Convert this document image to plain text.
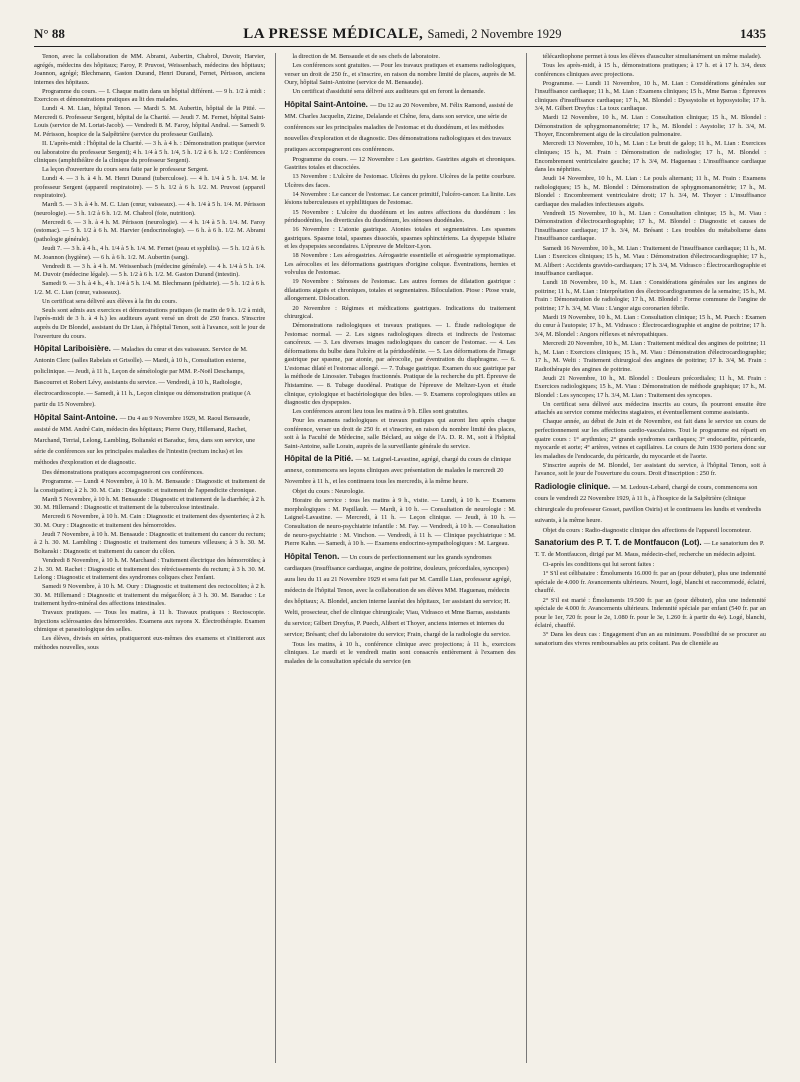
N° 88	LA PRESSE MÉDICALE, Samedi, 2 Novembre 1929	1435

Tenon, avec la collaboration de MM. Abrami, Aubertin, Chabrol, Duvoir, Harvier, agrégés, médecins des hôpitaux; Faroy, P. Pruvost, Weissenbach, médecins des hôpitaux; Joannon, agrégé; Blechmann, Gaston Durand, Henri Durand, Fernet, Périsson, anciens internes des hôpitaux.

Programme du cours. — I. Chaque matin dans un hôpital différent. — 9 h. 1/2 à midi : Exercices et démonstrations pratiques au lit des malades.

Lundi 4. M. Lian, hôpital Tenon. — Mardi 5. M. Aubertin, hôpital de la Pitié. — Mercredi 6. Professeur Sergent, hôpital de la Charité. — Jeudi 7. M. Fernet, hôpital Saint-Louis (service de M. Lortat-Jacob). — Vendredi 8. M. Faroy, hôpital Andral. — Samedi 9. M. Périsson, hospice de la Salpêtrière (service du professeur Guillain).

II. L'après-midi : l'hôpital de la Charité. — 3 h. à 4 h. : Démonstration pratique (service ou laboratoire du professeur Sergent); 4 h. 1/4 à 5 h. 1/4, 5 h. 1/2 à 6 h. 1/2 : Conférences cliniques (amphithéâtre de la clinique du professeur Sergent).

La leçon d'ouverture du cours sera faite par le professeur Sergent.

Lundi 4. — 3 h. à 4 h. M. Henri Durand (tuberculose). — 4 h. 1/4 à 5 h. 1/4. M. le professeur Sergent (appareil respiratoire). — 5 h. 1/2 à 6 h. 1/2. M. Pruvost (appareil respiratoire).

Mardi 5. — 3 h. à 4 h. M. C. Lian (cœur, vaisseaux). — 4 h. 1/4 à 5 h. 1/4. M. Périsson (neurologie). — 5 h. 1/2 à 6 h. 1/2. M. Chabrol (foie, nutrition).

Mercredi 6. — 3 h. à 4 h. M. Périsson (neurologie). — 4 h. 1/4 à 5 h. 1/4. M. Faroy (estomac). — 5 h. 1/2 à 6 h. M. Harvier (endocrinologie). — 6 h. à 6 h. 1/2. M. Abrami (pathologie générale).

Jeudi 7. — 3 h. à 4 h., 4 h. 1/4 à 5 h. 1/4. M. Fernet (peau et syphilis). — 5 h. 1/2 à 6 h. M. Joannon (hygiène). — 6 h. à 6 h. 1/2. M. Aubertin (sang).

Vendredi 8. — 3 h. à 4 h. M. Weissenbach (médecine générale). — 4 h. 1/4 à 5 h. 1/4. M. Duvoir (médecine légale). — 5 h. 1/2 à 6 h. 1/2. M. Gaston Durand (intestin).

Samedi 9. — 3 h. à 4 h., 4 h. 1/4 à 5 h. 1/4. M. Blechmann (pédiatrie). — 5 h. 1/2 à 6 h. 1/2. M. C. Lian (cœur, vaisseaux).

Un certificat sera délivré aux élèves à la fin du cours.

Seuls sont admis aux exercices et démonstrations pratiques (le matin de 9 h. 1/2 à midi, l'après-midi de 3 h. à 4 h.) les auditeurs ayant versé un droit de 250 francs. S'inscrire auprès du Dr Blondel, assistant du Dr Lian, à l'hôpital Tenon, soit à l'avance, soit le jour de l'ouverture du cours.

Hôpital Lariboisière. — Maladies du cœur et des vaisseaux. Service de M. Antonin Clerc (salles Rabelais et Grisolle). — Mardi, à 10 h., Consultation externe, policlinique. — Jeudi, à 11 h., Leçon de séméiologie par MM. P.-Noël Deschamps, Bascourret et Robert Lévy, assistants du service. — Vendredi, à 10 h., Radiologie, électrocardioscopie. — Samedi, à 11 h., Leçon clinique ou démonstration pratique (A partir du 15 Novembre).
Hôpital Saint-Antoine. — Du 4 au 9 Novembre 1929, M. Raoul Bensaude, assisté de MM. André Cain, médecin des hôpitaux; Pierre Oury, Hillemand, Rachet, Marchand, Terrial, Lelong, Lambling, Boltanski et Baraduc, fera, dans son service, une série de conférences sur les principales maladies de l'intestin (rectum inclus) et les méthodes d'exploration et de diagnostic.

Des démonstrations pratiques accompagneront ces conférences.

Programme. — Lundi 4 Novembre, à 10 h. M. Bensaude : Diagnostic et traitement de la constipation; à 2 h. 30. M. Cain : Diagnostic et traitement de l'appendicite chronique.

Mardi 5 Novembre, à 10 h. M. Bensaude : Diagnostic et traitement de la diarrhée; à 2 h. 30. M. Hillemand : Diagnostic et traitement de la tuberculose intestinale.

Mercredi 6 Novembre, à 10 h. M. Cain : Diagnostic et traitement des dysenteries; à 2 h. 30. M. Oury : Diagnostic et traitement des hémorroïdes.

Jeudi 7 Novembre, à 10 h. M. Bensaude : Diagnostic et traitement du cancer du rectum; à 2 h. 30. M. Lambling : Diagnostic et traitement des tumeurs villeuses; à 3 h. 30. M. Boltanski : Diagnostic et traitement du cancer du côlon.

Vendredi 8 Novembre, à 10 h. M. Marchand : Traitement électrique des hémorroïdes; à 2 h. 30. M. Rachet : Diagnostic et traitement des rétrécissements du rectum; à 3 h. 30. M. Lelong : Diagnostic et traitement des syndromes coliques chez l'enfant.

Samedi 9 Novembre, à 10 h. M. Oury : Diagnostic et traitement des rectocolites; à 2 h. 30. M. Hillemand : Diagnostic et traitement du mégacôlon; à 3 h. 30. M. Baraduc : Le traitement hydro-minéral des affections intestinales.

Travaux pratiques. — Tous les matins, à 11 h. Travaux pratiques : Rectoscopie. Injections sclérosantes des hémorroïdes. Examens aux rayons X. Électrothérapie. Examen chimique et parasitologique des selles.

Les élèves, divisés en séries, pratiqueront eux-mêmes des examens et s'initieront aux méthodes nouvelles, sous

la direction de M. Bensaude et de ses chefs de laboratoire.

Les conférences sont gratuites. — Pour les travaux pratiques et examens radiologiques, verser un droit de 250 fr., et s'inscrire, en raison du nombre limité de places, auprès de M. Oury, hôpital Saint-Antoine (service de M. Bensaude).

Un certificat d'assiduité sera délivré aux auditeurs qui en feront la demande.

Hôpital Saint-Antoine. — Du 12 au 20 Novembre, M. Félix Ramond, assisté de MM. Charles Jacquelin, Zizine, Delalande et Chêne, fera, dans son service, une série de conférences sur les principales maladies de l'estomac et du duodénum, et les méthodes nouvelles d'exploration et de diagnostic. Des démonstrations radiologiques et des travaux pratiques accompagneront ces conférences.

Programme du cours. — 12 Novembre : Les gastrites. Gastrites aiguës et chroniques. Gastrites totales et discociées.

13 Novembre : L'ulcère de l'estomac. Ulcères du pylore. Ulcères de la petite courbure. Ulcères des faces.

14 Novembre : Le cancer de l'estomac. Le cancer primitif, l'ulcéro-cancer. La linite. Les lésions tuberculeuses et syphilitiques de l'estomac.

15 Novembre : L'ulcère du duodénum et les autres affections du duodénum : les périduodénites, les diverticules du duodénum, les sténoses duodénales.

16 Novembre : L'atonie gastrique. Atonies totales et segmentaires. Les spasmes gastriques. Spasme total, spasmes dissociés, spasmes sphinctériens. La dyspepsie biliaire et les dyspepsies secondaires. L'épreuve de Meltzer-Lyon.

18 Novembre : Les aérogastries. Aérogastrie essentielle et aérogastrie symptomatique. Les aérocolies et les déformations gastriques d'origine colique. Éventrations, hernies et volvulus de l'estomac.

19 Novembre : Sténoses de l'estomac. Les autres formes de dilatation gastrique : dilatations aiguës et chroniques, totales et segmentaires. Biloculation. Ptose : Ptose vraie, allongement. Dislocation.

20 Novembre : Régimes et médications gastriques. Indications du traitement chirurgical.

Démonstrations radiologiques et travaux pratiques. — 1. Étude radiologique de l'estomac normal. — 2. Les signes radiologiques directs et indirects de l'estomac cancéreux. — 3. Les diverses images radiologiques du cancer de l'estomac. — 4. Les déformations du bulbe dans l'ulcère et la périduodénite. — 5. Les déformations de l'image gastrique par spasme, par atonie, par aérocolie, par éventration du diaphragme. — 6. L'estomac dilaté et l'estomac allongé. — 7. Tubage gastrique. Examen du suc gastrique par la méthode de Linossier. Tubages fractionnés. Pratique de la recherche du pH. Épreuve de l'histamine. — 8. Tubage duodénal. Pratique de l'épreuve de Meltzer-Lyon et étude clinique, cytologique et bactériologique des biles. — 9. Examens coprologiques utiles au diagnostic des dyspepsies.

Les conférences auront lieu tous les matins à 9 h. Elles sont gratuites.

Pour les examens radiologiques et travaux pratiques qui auront lieu après chaque conférence, verser un droit de 250 fr. et s'inscrire, en raison du nombre limité des places, soit à la Faculté de Médecine, salle Béclard, au siège de l'A. D. R. M., soit à l'hôpital Saint-Antoine, salle Lorain, auprès de la surveillante générale du service.

Hôpital de la Pitié. — M. Laignel-Lavastine, agrégé, chargé du cours de clinique annexe, commencera ses leçons cliniques avec présentation de malades le mercredi 20 Novembre à 11 h., et les continuera tous les mercredis, à la même heure.

Objet du cours : Neurologie.

Horaire du service : tous les matins à 9 h., visite. — Lundi, à 10 h. — Examens morphologiques : M. Papillault. — Mardi, à 10 h. — Consultation de neurologie : M. Laignel-Lavastine. — Mercredi, à 11 h. — Leçon clinique. — Jeudi, à 10 h. — Consultation de neuro-psychiatrie infantile : M. Fay. — Vendredi, à 10 h. — Consultation de neuro-psychiatrie : M. Vinchon. — Vendredi, à 11 h. — Clinique psychiatrique : M. Pierre Kahn. — Samedi, à 10 h. — Examens endocrino-sympathologiques : M. Largeau.

Hôpital Tenon. — Un cours de perfectionnement sur les grands syndromes cardiaques (insuffisance cardiaque, angine de poitrine, douleurs, précordiales, syncopes) aura lieu du 11 au 21 Novembre 1929 et sera fait par M. Camille Lian, professeur agrégé, médecin de l'hôpital Tenon, avec la collaboration de ses élèves MM. Haguenau, médecin des hôpitaux; A. Blondel, ancien interne lauréat des hôpitaux, 1er assistant du service; H. Welti, prosecteur, chef de clinique chirurgicale; Viau, Vidrasco et Mme Barras, assistants du service; Gilbert Dreyfus, P. Puech, Alibert et Thoyer, anciens internes et internes du service; Brésant; chef du laboratoire du service; Frain, chargé de la radiologie du service.

Tous les matins, à 10 h., conférence clinique avec projections; à 11 h., exercices cliniques. Le mardi et le vendredi matin sont consacrés entièrement à l'examen des malades de la consultation spéciale du service (en

télécardiophone permet à tous les élèves d'ausculter simultanément un même malade).

Tous les après-midi, à 15 h., démonstrations pratiques; à 17 h. et à 17 h. 3/4, deux conférences cliniques avec projections.

Programme. — Lundi 11 Novembre, 10 h., M. Lian : Considérations générales sur l'insuffisance cardiaque; 11 h., M. Lian : Examens cliniques; 15 h., Mme Barras : Épreuves cliniques d'insuffisance cardiaque; 17 h., M. Blondel : Dyssystolie et hyposystolie; 17 h. 3/4, M. Gilbert Dreyfus : La toux cardiaque.

Mardi 12 Novembre, 10 h., M. Lian : Consultation clinique; 15 h., M. Blondel : Démonstration de sphygmomanométrie; 17 h., M. Blondel : Asystolie; 17 h. 3/4, M. Thoyer, Encombrement aigu de la circulation pulmonaire.

Mercredi 13 Novembre, 10 h., M. Lian : Le bruit de galop; 11 h., M. Lian : Exercices cliniques; 15 h., M. Frain : Démonstration de radiologie; 17 h., M. Blondel : Encombrement ventriculaire gauche; 17 h. 3/4, M. Haguenau : L'insuffisance cardiaque dans les néphrites.

Jeudi 14 Novembre, 10 h., M. Lian : Le pouls alternant; 11 h., M. Frain : Examens radiologiques; 15 h., M. Blondel : Démonstration de sphygmomanométrie; 17 h., M. Blondel : Encombrement ventriculaire droit; 17 h. 3/4, M. Thoyer : L'insuffisance cardiaque des maladies infectieuses aiguës.

Vendredi 15 Novembre, 10 h., M. Lian : Consultation clinique; 15 h., M. Viau : Démonstration d'électrocardiographie; 17 h., M. Blondel : Diagnostic et causes de l'insuffisance cardiaque; 17 h. 3/4, M. Brésant : Les troubles du métabolisme dans l'insuffisance cardiaque.

Samedi 16 Novembre, 10 h., M. Lian : Traitement de l'insuffisance cardiaque; 11 h., M. Lian : Exercices cliniques; 15 h., M. Viau : Démonstration d'électrocardiographie; 17 h., M. Alibert : Accidents gravido-cardiaques; 17 h. 3/4, M. Vidrasco : Électrocardiographie et insuffisance cardiaque.

Lundi 18 Novembre, 10 h., M. Lian : Considérations générales sur les angines de poitrine; 11 h., M. Lian : Interprétation des électrocardiogrammes de la semaine; 15 h., M. Frain : Démonstration de radiologie; 17 h., M. Blondel : Forme commune de l'angine de poitrine; 17 h. 3/4, M. Viau : L'angor aigu coronarien fébrile.

Mardi 19 Novembre, 10 h., M. Lian : Consultation clinique; 15 h., M. Puech : Examen du cœur à l'autopsie; 17 h., M. Vidrasco : Électrocardiographie et angine de poitrine; 17 h. 3/4, M. Blondel : Angors réflexes et névropathiques.

Mercredi 20 Novembre, 10 h., M. Lian : Traitement médical des angines de poitrine; 11 h., M. Lian : Exercices cliniques; 15 h., M. Viau : Démonstration d'électrocardiographie; 17 h., M. Welti : Traitement chirurgical des angines de poitrine; 17 h. 3/4, M. Frain : Radiothérapie des angines de poitrine.

Jeudi 21 Novembre, 10 h., M. Blondel : Douleurs précordiales; 11 h., M. Frain : Exercices radiologiques; 15 h., M. Viau : Démonstration de méthode graphique; 17 h., M. Blondel : Les syncopes; 17 h. 3/4, M. Lian : Traitement des syncopes.

Un certificat sera délivré aux médecins inscrits au cours, ils pourront ensuite être attachés au service comme médecins stagiaires, et éventuellement comme assistants.

Chaque année, au début de Juin et de Novembre, est fait dans le service un cours de perfectionnement sur les affections cardio-vasculaires. Tout le programme est réparti en quatre cours : 1° arythmies; 2° grands syndromes cardiaques; 3° endocardite, péricarde, myocarde et aorte; 4° artères, veines et capillaires. Le cours de Juin 1930 portera donc sur les maladies de l'endocarde, du péricarde, du myocarde et de l'aorte.

S'inscrire auprès de M. Blondel, 1er assistant du service, à l'hôpital Tenon, soit à l'avance, soit le jour de l'ouverture du cours. Droit d'inscription : 250 fr.

Radiologie clinique. — M. Ledoux-Lebard, chargé de cours, commencera son cours le vendredi 22 Novembre 1929, à 11 h., à l'hospice de la Salpêtrière (clinique chirurgicale du professeur Gosset, pavillon Osiris) et le continuera les lundis et vendredis suivants, à la même heure.

Objet du cours : Radio-diagnostic clinique des affections de l'appareil locomoteur.

Sanatorium des P. T. T. de Montfaucon (Lot). — Le sanatorium des P. T. T. de Montfaucon, dirigé par M. Maus, médecin-chef, recherche un médecin adjoint.

Ci-après les conditions qui lui seront faites :

1° S'il est célibataire : Émoluments 16.000 fr. par an (pour débuter), plus une indemnité spéciale de 4.000 fr. Avancements ultérieurs. Nourri, logé, blanchi et raccommodé, éclairé, chauffé.

2° S'il est marié : Émoluments 19.500 fr. par an (pour débuter), plus une indemnité spéciale de 4.000 fr. Avancements ultérieurs. Indemnité spéciale par enfant (540 fr. par an pour le 1er, 720 fr. pour le 2e, 1.080 fr. pour le 3e, 1.260 fr. à partir du 4e). Logé, blanchi, éclairé, chauffé.

3° Dans les deux cas : Engagement d'un an au minimum. Possibilité de se procurer au sanatorium des vivres remboursables au prix coûtant. Pas de clientèle au
